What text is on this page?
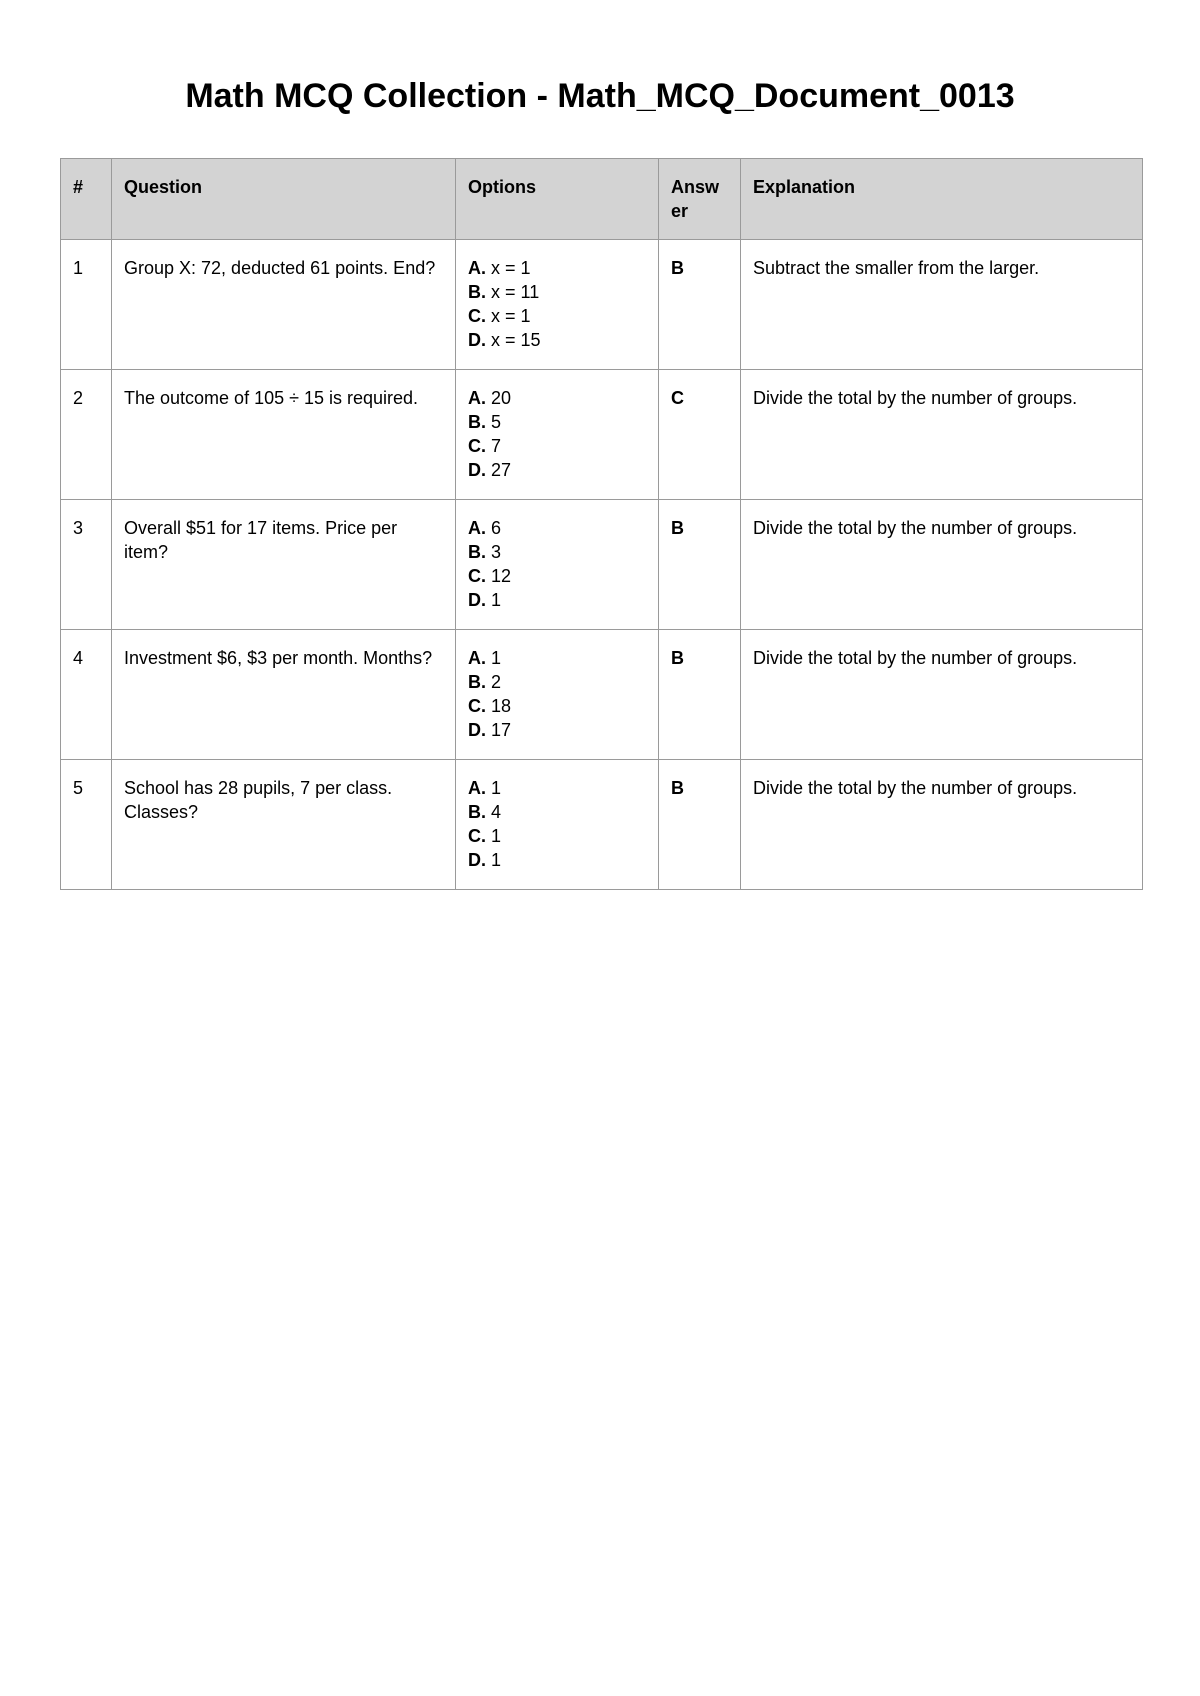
Math MCQ Collection - Math_MCQ_Document_0013
#	Question	Options	Answer	Explanation
1	Group X: 72, deducted 61 points. End?	A. x = 1
B. x = 11
C. x = 1
D. x = 15	B	Subtract the smaller from the larger.
2	The outcome of 105 ÷ 15 is required.	A. 20
B. 5
C. 7
D. 27	C	Divide the total by the number of groups.
3	Overall $51 for 17 items. Price per item?	A. 6
B. 3
C. 12
D. 1	B	Divide the total by the number of groups.
4	Investment $6, $3 per month. Months?	A. 1
B. 2
C. 18
D. 17	B	Divide the total by the number of groups.
5	School has 28 pupils, 7 per class. Classes?	A. 1
B. 4
C. 1
D. 1	B	Divide the total by the number of groups.
